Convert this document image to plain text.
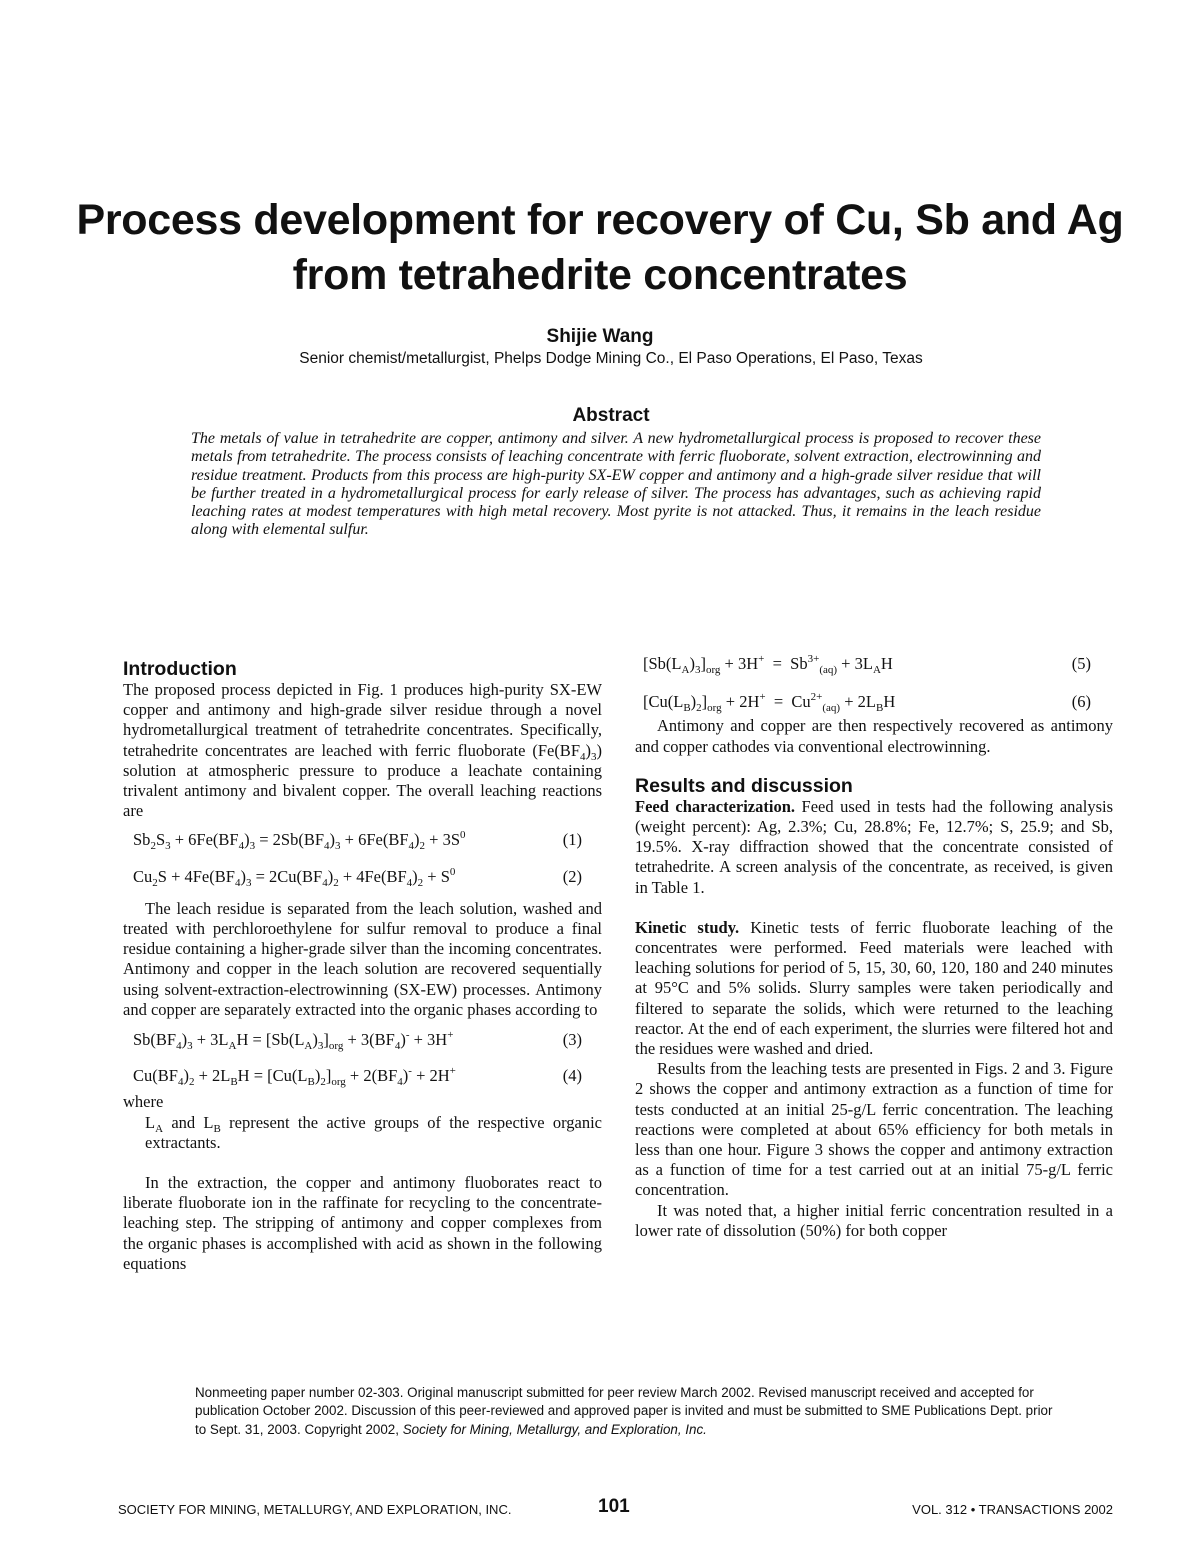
Process development for recovery of Cu, Sb and Ag from tetrahedrite concentrates
Shijie Wang
Senior chemist/metallurgist, Phelps Dodge Mining Co., El Paso Operations, El Paso, Texas
Abstract
The metals of value in tetrahedrite are copper, antimony and silver. A new hydrometallurgical process is proposed to recover these metals from tetrahedrite. The process consists of leaching concentrate with ferric fluoborate, solvent extraction, electrowinning and residue treatment. Products from this process are high-purity SX-EW copper and antimony and a high-grade silver residue that will be further treated in a hydrometallurgical process for early release of silver. The process has advantages, such as achieving rapid leaching rates at modest temperatures with high metal recovery. Most pyrite is not attacked. Thus, it remains in the leach residue along with elemental sulfur.
Introduction

The proposed process depicted in Fig. 1 produces high-purity SX-EW copper and antimony and high-grade silver residue through a novel hydrometallurgical treatment of tetrahedrite concentrates. Specifically, tetrahedrite concentrates are leached with ferric fluoborate $(Fe(BF_4)_3)$ solution at atmospheric pressure to produce a leachate containing trivalent antimony and bivalent copper. The overall leaching reactions are

$Sb_2S_3 + 6Fe(BF_4)_3 = 2Sb(BF_4)_3 + 6Fe(BF_4)_2 + 3S^0$	(1)
$Cu_2S + 4Fe(BF_4)_3 = 2Cu(BF_4)_2 + 4Fe(BF_4)_2 + S^0$	(2)

The leach residue is separated from the leach solution, washed and treated with perchloroethylene for sulfur removal to produce a final residue containing a higher-grade silver than the incoming concentrates. Antimony and copper in the leach solution are recovered sequentially using solvent-extraction-electrowinning (SX-EW) processes. Antimony and copper are separately extracted into the organic phases according to

$Sb(BF_4)_3 + 3L_AH = [Sb(L_A)_3]_{org} + 3(BF_4)^- + 3H^+$	(3)
$Cu(BF_4)_2 + 2L_BH = [Cu(L_B)_2]_{org} + 2(BF_4)^- + 2H^+$	(4)

where

$L_A$ and $L_B$ represent the active groups of the respective organic extractants.

In the extraction, the copper and antimony fluoborates react to liberate fluoborate ion in the raffinate for recycling to the concentrate-leaching step. The stripping of antimony and copper complexes from the organic phases is accomplished with acid as shown in the following equations

$[Sb(L_A)_3]_{org} + 3H^+ = Sb^{3+}_{(aq)} + 3L_AH$	(5)
$[Cu(L_B)_2]_{org} + 2H^+ = Cu^{2+}_{(aq)} + 2L_BH$	(6)

Antimony and copper are then respectively recovered as antimony and copper cathodes via conventional electrowinning.

Results and discussion

Feed characterization. Feed used in tests had the following analysis (weight percent): Ag, 2.3%; Cu, 28.8%; Fe, 12.7%; S, 25.9; and Sb, 19.5%. X-ray diffraction showed that the concentrate consisted of tetrahedrite. A screen analysis of the concentrate, as received, is given in Table 1.

Kinetic study. Kinetic tests of ferric fluoborate leaching of the concentrates were performed. Feed materials were leached with leaching solutions for period of 5, 15, 30, 60, 120, 180 and 240 minutes at 95°C and 5% solids. Slurry samples were taken periodically and filtered to separate the solids, which were returned to the leaching reactor. At the end of each experiment, the slurries were filtered hot and the residues were washed and dried.

Results from the leaching tests are presented in Figs. 2 and 3. Figure 2 shows the copper and antimony extraction as a function of time for tests conducted at an initial 25-g/L ferric concentration. The leaching reactions were completed at about 65% efficiency for both metals in less than one hour. Figure 3 shows the copper and antimony extraction as a function of time for a test carried out at an initial 75-g/L ferric concentration.

It was noted that, a higher initial ferric concentration resulted in a lower rate of dissolution (50%) for both copper

Nonmeeting paper number 02-303. Original manuscript submitted for peer review March 2002. Revised manuscript received and accepted for publication October 2002. Discussion of this peer-reviewed and approved paper is invited and must be submitted to SME Publications Dept. prior to Sept. 31, 2003. Copyright 2002, Society for Mining, Metallurgy, and Exploration, Inc.
SOCIETY FOR MINING, METALLURGY, AND EXPLORATION, INC.	101	VOL. 312 • TRANSACTIONS 2002
